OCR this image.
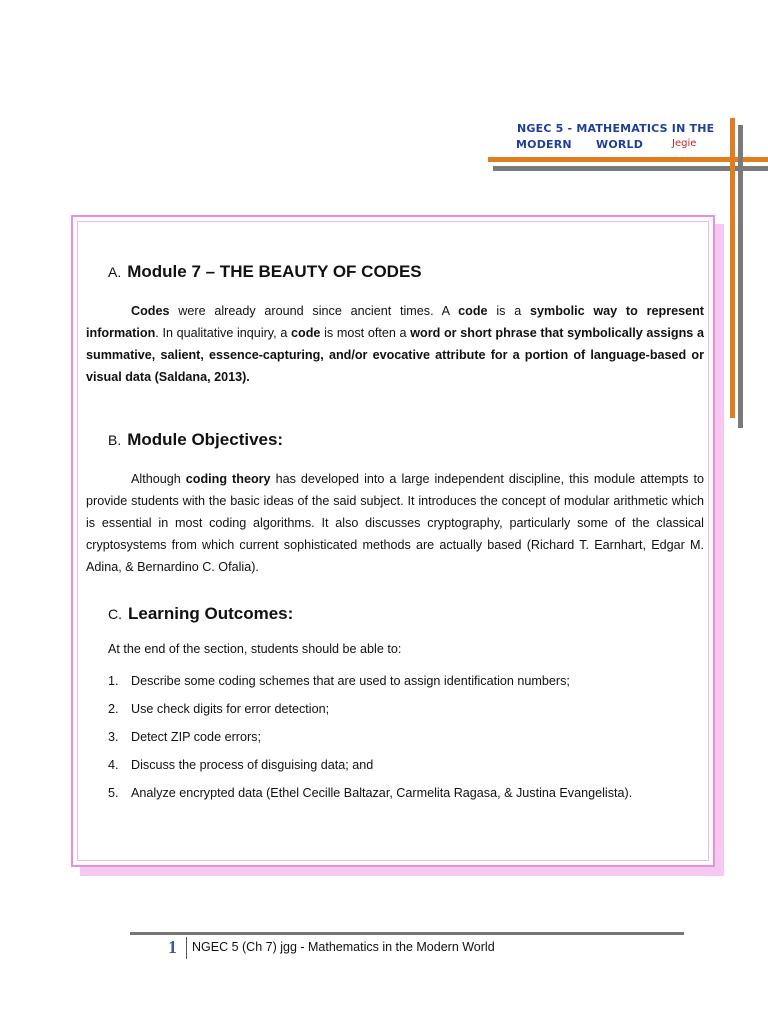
NGEC 5 - MATHEMATICS IN THE
MODERN      WORLD	Jegie
A. Module 7 – THE BEAUTY OF CODES

Codes were already around since ancient times. A code is a symbolic way to represent information. In qualitative inquiry, a code is most often a word or short phrase that symbolically assigns a summative, salient, essence-capturing, and/or evocative attribute for a portion of language-based or visual data (Saldana, 2013).

B. Module Objectives:

Although coding theory has developed into a large independent discipline, this module attempts to provide students with the basic ideas of the said subject. It introduces the concept of modular arithmetic which is essential in most coding algorithms. It also discusses cryptography, particularly some of the classical cryptosystems from which current sophisticated methods are actually based (Richard T. Earnhart, Edgar M. Adina, & Bernardino C. Ofalia).

C. Learning Outcomes:

At the end of the section, students should be able to:

1. Describe some coding schemes that are used to assign identification numbers;
2. Use check digits for error detection;
3. Detect ZIP code errors;
4. Discuss the process of disguising data; and
5. Analyze encrypted data (Ethel Cecille Baltazar, Carmelita Ragasa, & Justina Evangelista).
1 NGEC 5 (Ch 7) jgg - Mathematics in the Modern World
